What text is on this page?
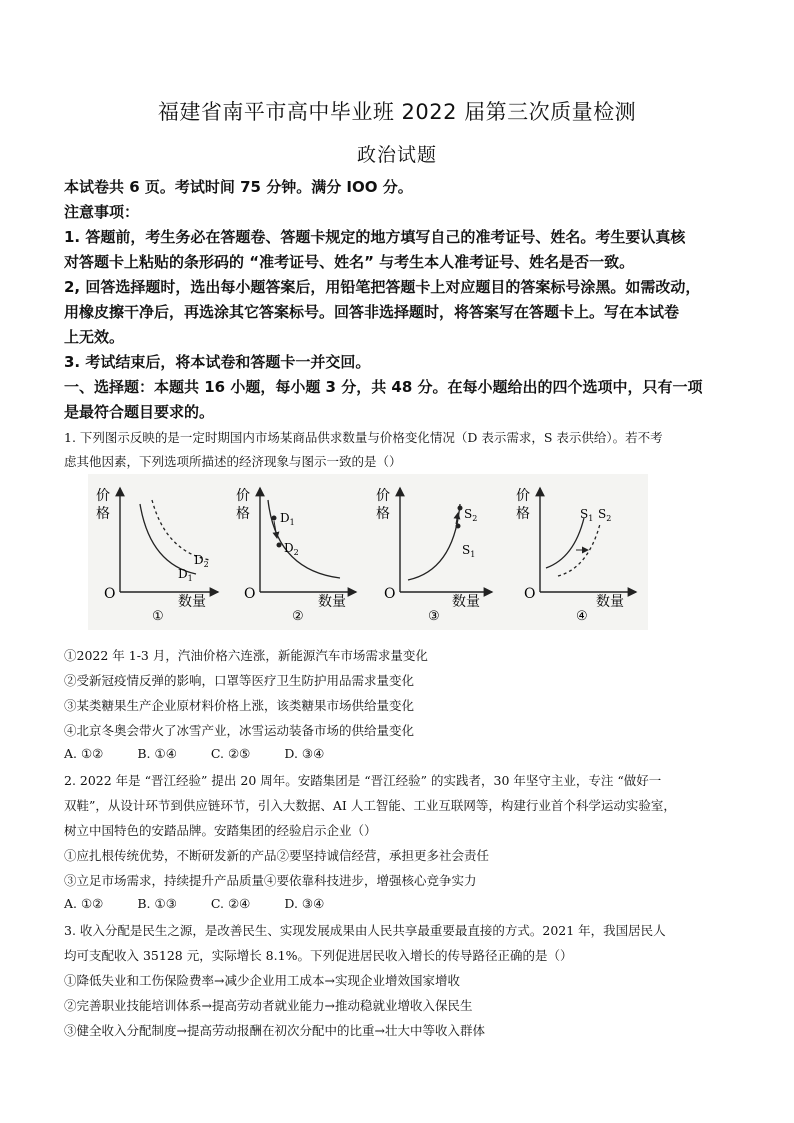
福建省南平市高中毕业班 2022 届第三次质量检测
政治试题
本试卷共 6 页。考试时间 75 分钟。满分 IOO 分。
注意事项：
1. 答题前，考生务必在答题卷、答题卡规定的地方填写自己的准考证号、姓名。考生要认真核
对答题卡上粘贴的条形码的 “准考证号、姓名” 与考生本人准考证号、姓名是否一致。
2, 回答选择题时，选出每小题答案后，用铅笔把答题卡上对应题目的答案标号涂黑。如需改动，
用橡皮擦干净后，再选涂其它答案标号。回答非选择题时，将答案写在答题卡上。写在本试卷
上无效。
3. 考试结束后，将本试卷和答题卡一并交回。
一、选择题：本题共 16 小题，每小题 3 分，共 48 分。在每小题给出的四个选项中，只有一项
是最符合题目要求的。
1. 下列图示反映的是一定时期国内市场某商品供求数量与价格变化情况（D 表示需求，S 表示供给）。若不考
虑其他因素，下列选项所描述的经济现象与图示一致的是（）
价
格
O	数量
$D_2$
$D_1$
①
价
格
O	数量
$D_1$
$D_2$
②
价
格
O	数量
$S_2$
$S_1$
③
价
格
O	数量
$S_1$ $S_2$
④
①2022 年 1-3 月，汽油价格六连涨，新能源汽车市场需求量变化
②受新冠疫情反弹的影响，口罩等医疗卫生防护用品需求量变化
③某类糖果生产企业原材料价格上涨，该类糖果市场供给量变化
④北京冬奥会带火了冰雪产业，冰雪运动装备市场的供给量变化
A. ①②	B. ①④	C. ②⑤	D. ③④
2. 2022 年是 “晋江经验” 提出 20 周年。安踏集团是 “晋江经验” 的实践者，30 年坚守主业，专注 “做好一
双鞋”，从设计环节到供应链环节，引入大数据、AI 人工智能、工业互联网等，构建行业首个科学运动实验室，
树立中国特色的安踏品牌。安踏集团的经验启示企业（）
①应扎根传统优势，不断研发新的产品②要坚持诚信经营，承担更多社会责任
③立足市场需求，持续提升产品质量④要依靠科技进步，增强核心竞争实力
A. ①②	B. ①③	C. ②④	D. ③④
3. 收入分配是民生之源，是改善民生、实现发展成果由人民共享最重要最直接的方式。2021 年，我国居民人
均可支配收入 35128 元，实际增长 8.1%。下列促进居民收入增长的传导路径正确的是（）
①降低失业和工伤保险费率→减少企业用工成本→实现企业增效国家增收
②完善职业技能培训体系→提高劳动者就业能力→推动稳就业增收入保民生
③健全收入分配制度→提高劳动报酬在初次分配中的比重→壮大中等收入群体
